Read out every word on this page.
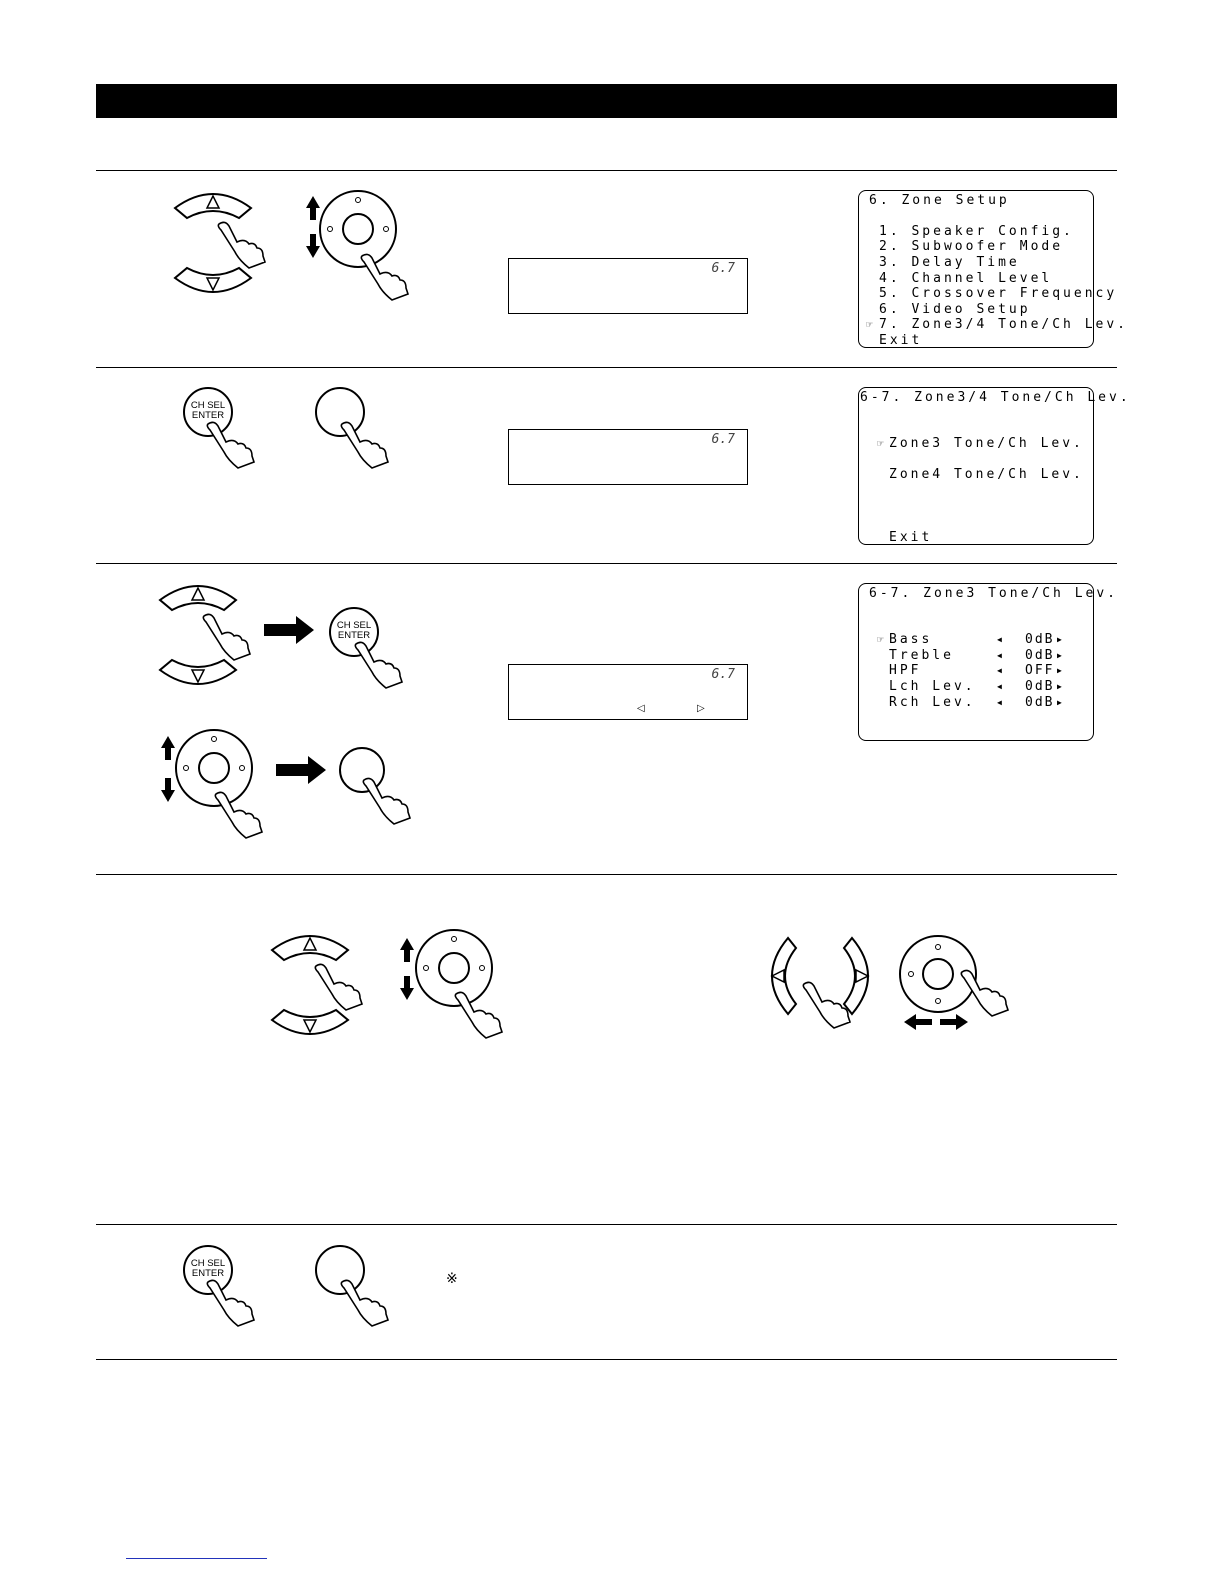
6.7

6. Zone Setup

1. Speaker Config.

2. Subwoofer Mode

3. Delay Time

4. Channel Level

5. Crossover Frequency

6. Video Setup

☞

7. Zone3/4 Tone/Ch Lev.

Exit

CH SEL
ENTER
6.7

6-7. Zone3/4 Tone/Ch Lev.

☞

Zone3 Tone/Ch Lev.

Zone4 Tone/Ch Lev.

Exit

CH SEL
ENTER
6.7
◁	▷

6-7. Zone3 Tone/Ch Lev.

☞

Bass

Treble

HPF

Lch Lev.

Rch Lev.

◀

◀

◀

◀

◀

0dB

0dB

OFF

0dB

0dB

▶

▶

▶

▶

▶

CH SEL
ENTER	※
